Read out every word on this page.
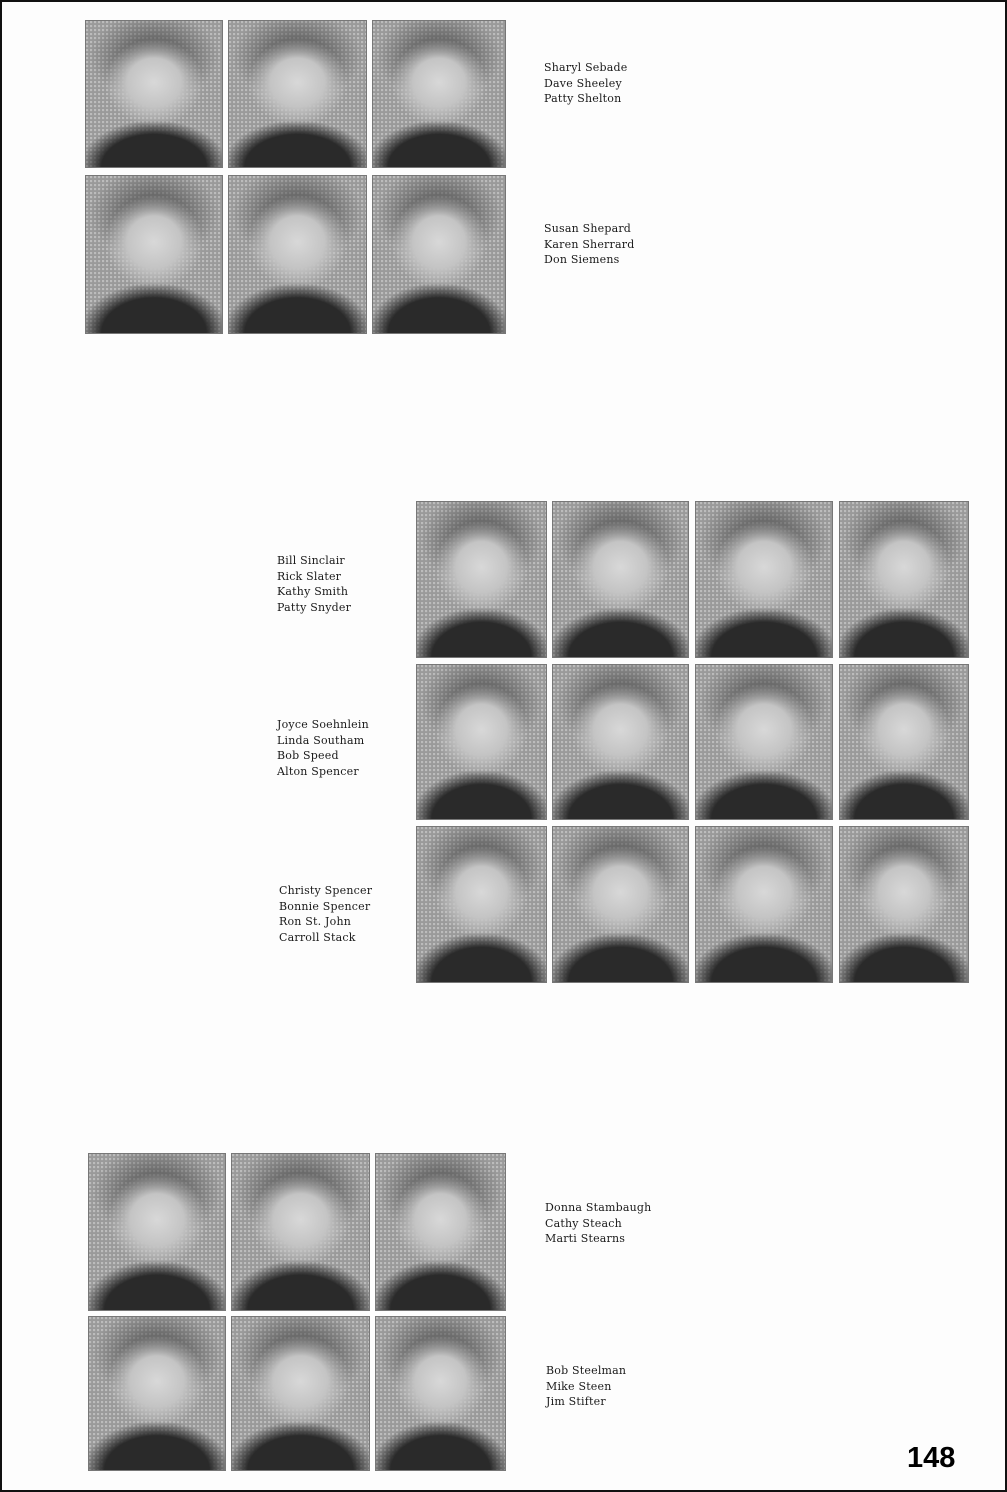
Sharyl Sebade
Dave Sheeley
Patty Shelton
Susan Shepard
Karen Sherrard
Don Siemens
Bill Sinclair
Rick Slater
Kathy Smith
Patty Snyder
Joyce Soehnlein
Linda Southam
Bob Speed
Alton Spencer
Christy Spencer
Bonnie Spencer
Ron St. John
Carroll Stack
Donna Stambaugh
Cathy Steach
Marti Stearns
Bob Steelman
Mike Steen
Jim Stifter
148
